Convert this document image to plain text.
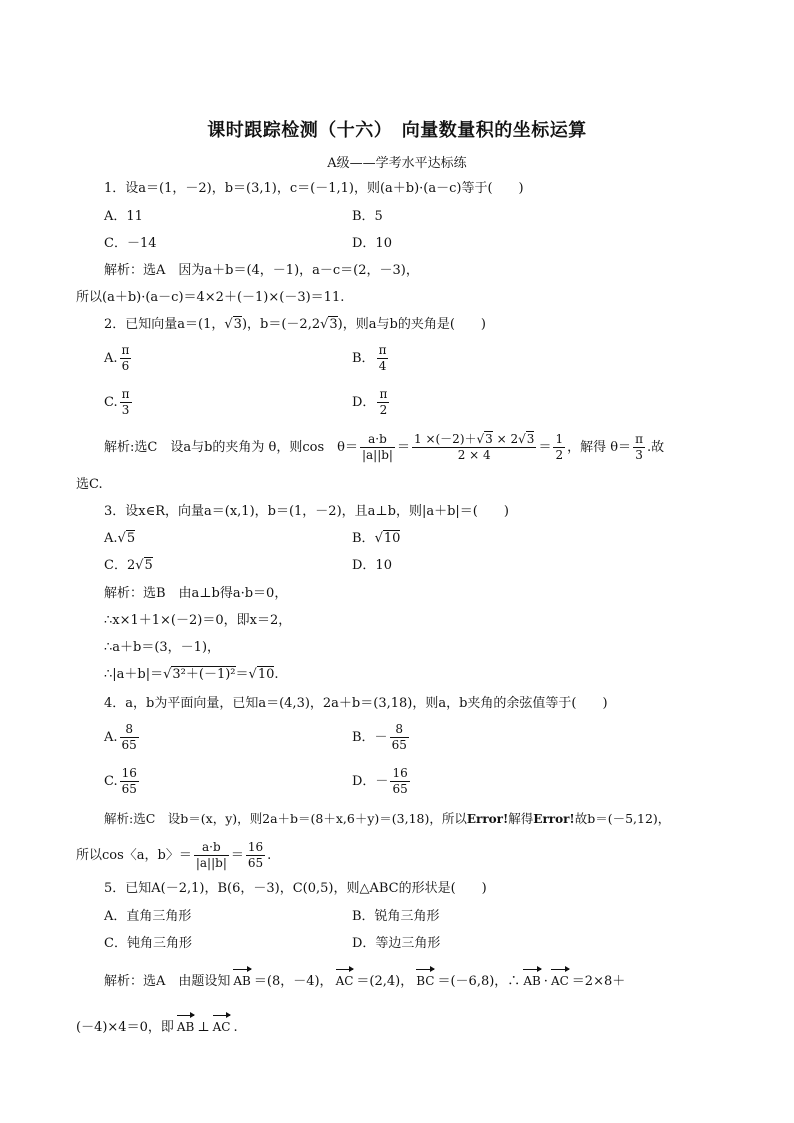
课时跟踪检测（十六）　向量数量积的坐标运算
A级——学考水平达标练
1．设a＝(1，－2)，b＝(3,1)，c＝(－1,1)，则(a＋b)·(a－c)等于(　　)
A．11	B．5
C．－14	D．10
解析：选A　因为a＋b＝(4，－1)，a－c＝(2，－3)，
所以(a＋b)·(a－c)＝4×2＋(－1)×(－3)＝11.
2．已知向量a＝(1，√3)，b＝(－2,2√3)，则a与b的夹角是(　　)
A. $\frac{\pi}{6}$	B． $\frac{\pi}{4}$
C. $\frac{\pi}{3}$	D． $\frac{\pi}{2}$
解析:选C　设a与b的夹角为 θ，则cos　$\theta= \frac{a\cdot b}{|a||b|} = \frac{1 \times(-2)+√3 \times 2√3}{2 \times 4} = \frac{1}{2}$ ，解得 $\theta= \frac{\pi}{3}$ .故
选C.
3．设x∈R，向量a＝(x,1)，b＝(1，－2)，且a⊥b，则|a＋b|＝(　　)
A.√5	B．√10
C．2√5	D．10
解析：选B　由a⊥b得a·b＝0，
∴x×1＋1×(－2)＝0，即x＝2，
∴a＋b＝(3，－1)，
∴|a＋b|＝√3²＋(－1)²＝√10.
4．a，b为平面向量，已知a＝(4,3)，2a＋b＝(3,18)，则a，b夹角的余弦值等于(　　)
A. $\frac{8}{65}$	B．－ $\frac{8}{65}$
C. $\frac{16}{65}$	D．－ $\frac{16}{65}$
解析:选C　设b＝(x，y)，则2a＋b＝(8＋x,6＋y)＝(3,18)，所以Error!解得Error!故b＝(－5,12)，
所以cos〈a，b〉＝ $\frac{a\cdot b}{|a||b|} = \frac{16}{65}$ .
5．已知A(－2,1)，B(6，－3)，C(0,5)，则△ABC的形状是(　　)
A．直角三角形	B．锐角三角形
C．钝角三角形	D．等边三角形
解析：选A　由题设知 AB ＝(8，－4)， AC ＝(2,4)， BC ＝(－6,8)，∴ AB · AC ＝2×8＋
(－4)×4＝0，即 AB ⊥ AC .
